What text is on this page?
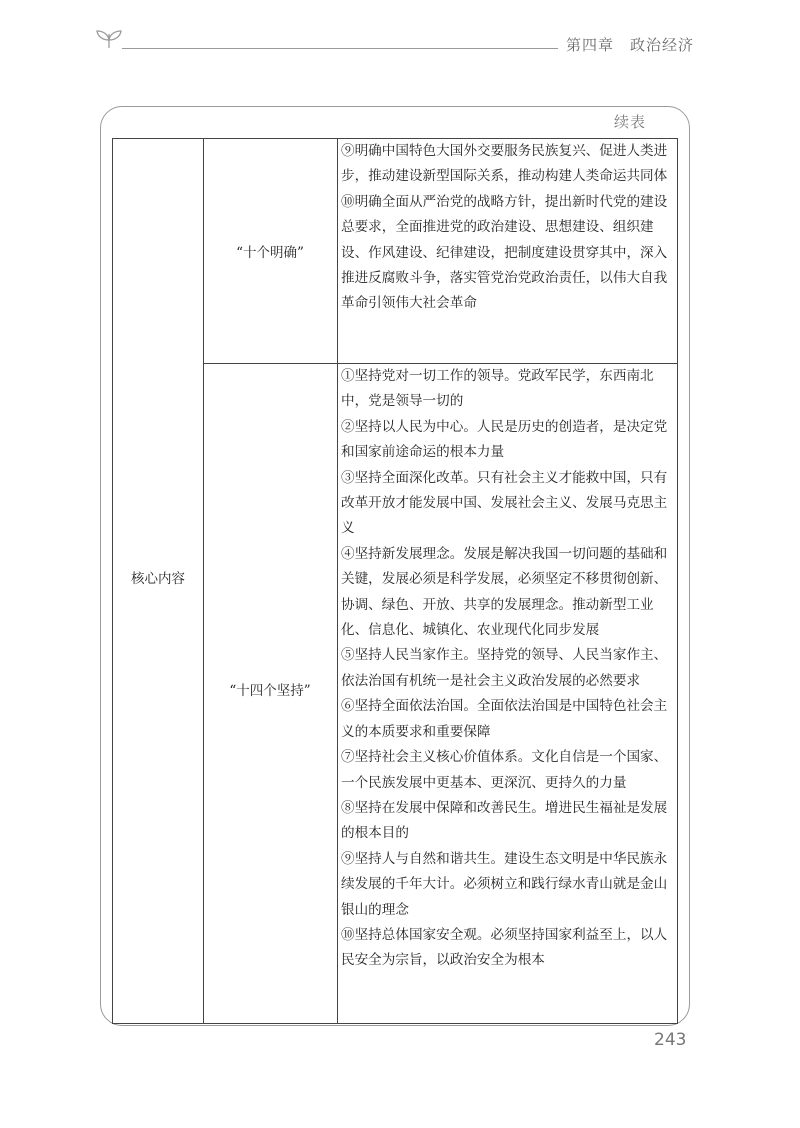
第四章　政治经济
续表
核心内容
“十个明确”
“十四个坚持”

⑨明确中国特色大国外交要服务民族复兴、促进人类进步，推动建设新型国际关系，推动构建人类命运共同体

⑩明确全面从严治党的战略方针，提出新时代党的建设总要求，全面推进党的政治建设、思想建设、组织建设、作风建设、纪律建设，把制度建设贯穿其中，深入推进反腐败斗争，落实管党治党政治责任，以伟大自我革命引领伟大社会革命

①坚持党对一切工作的领导。党政军民学，东西南北中，党是领导一切的

②坚持以人民为中心。人民是历史的创造者，是决定党和国家前途命运的根本力量

③坚持全面深化改革。只有社会主义才能救中国，只有改革开放才能发展中国、发展社会主义、发展马克思主义

④坚持新发展理念。发展是解决我国一切问题的基础和关键，发展必须是科学发展，必须坚定不移贯彻创新、协调、绿色、开放、共享的发展理念。推动新型工业化、信息化、城镇化、农业现代化同步发展

⑤坚持人民当家作主。坚持党的领导、人民当家作主、依法治国有机统一是社会主义政治发展的必然要求

⑥坚持全面依法治国。全面依法治国是中国特色社会主义的本质要求和重要保障

⑦坚持社会主义核心价值体系。文化自信是一个国家、一个民族发展中更基本、更深沉、更持久的力量

⑧坚持在发展中保障和改善民生。增进民生福祉是发展的根本目的

⑨坚持人与自然和谐共生。建设生态文明是中华民族永续发展的千年大计。必须树立和践行绿水青山就是金山银山的理念

⑩坚持总体国家安全观。必须坚持国家利益至上，以人民安全为宗旨，以政治安全为根本

243
